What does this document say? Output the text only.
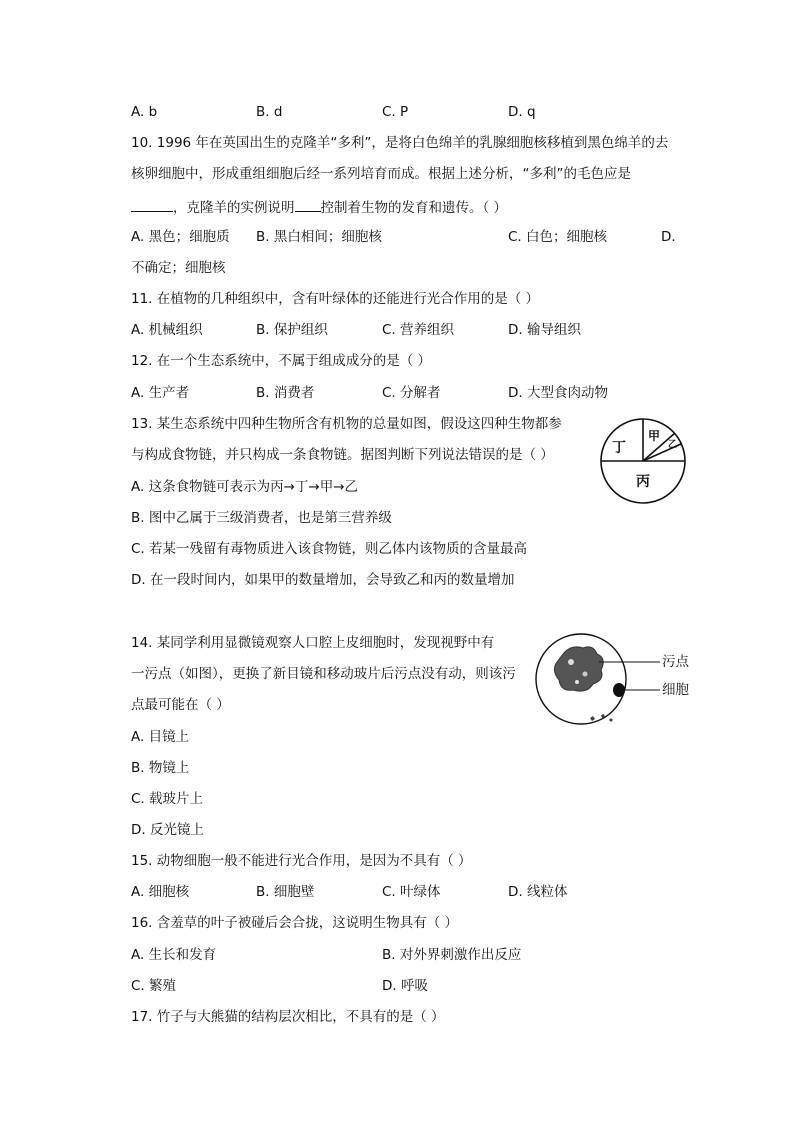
A. b	B. d	C. P	D. q
10. 1996 年在英国出生的克隆羊“多利”，是将白色绵羊的乳腺细胞核移植到黑色绵羊的去
核卵细胞中，形成重组细胞后经一系列培育而成。根据上述分析，“多利”的毛色应是
，克隆羊的实例说明 控制着生物的发育和遗传。（ ）
A. 黑色；细胞质 B. 黑白相间；细胞核	C. 白色；细胞核	D.
不确定；细胞核
11. 在植物的几种组织中，含有叶绿体的还能进行光合作用的是（ ）
A. 机械组织	B. 保护组织	C. 营养组织	D. 输导组织
12. 在一个生态系统中，不属于组成成分的是（ ）
A. 生产者	B. 消费者	C. 分解者	D. 大型食肉动物
13. 某生态系统中四种生物所含有机物的总量如图，假设这四种生物都参
与构成食物链，并只构成一条食物链。据图判断下列说法错误的是（ ）
A. 这条食物链可表示为丙→丁→甲→乙
B. 图中乙属于三级消费者，也是第三营养级
C. 若某一残留有毒物质进入该食物链，则乙体内该物质的含量最高
D. 在一段时间内，如果甲的数量增加，会导致乙和丙的数量增加
丁
甲
乙
丙
14. 某同学利用显微镜观察人口腔上皮细胞时，发现视野中有
一污点（如图），更换了新目镜和移动玻片后污点没有动，则该污
点最可能在（ ）
A. 目镜上
B. 物镜上
C. 载玻片上
D. 反光镜上
污点
细胞
15. 动物细胞一般不能进行光合作用，是因为不具有（ ）
A. 细胞核	B. 细胞壁	C. 叶绿体	D. 线粒体
16. 含羞草的叶子被碰后会合拢，这说明生物具有（ ）
A. 生长和发育	B. 对外界刺激作出反应
C. 繁殖	D. 呼吸
17. 竹子与大熊猫的结构层次相比，不具有的是（ ）
